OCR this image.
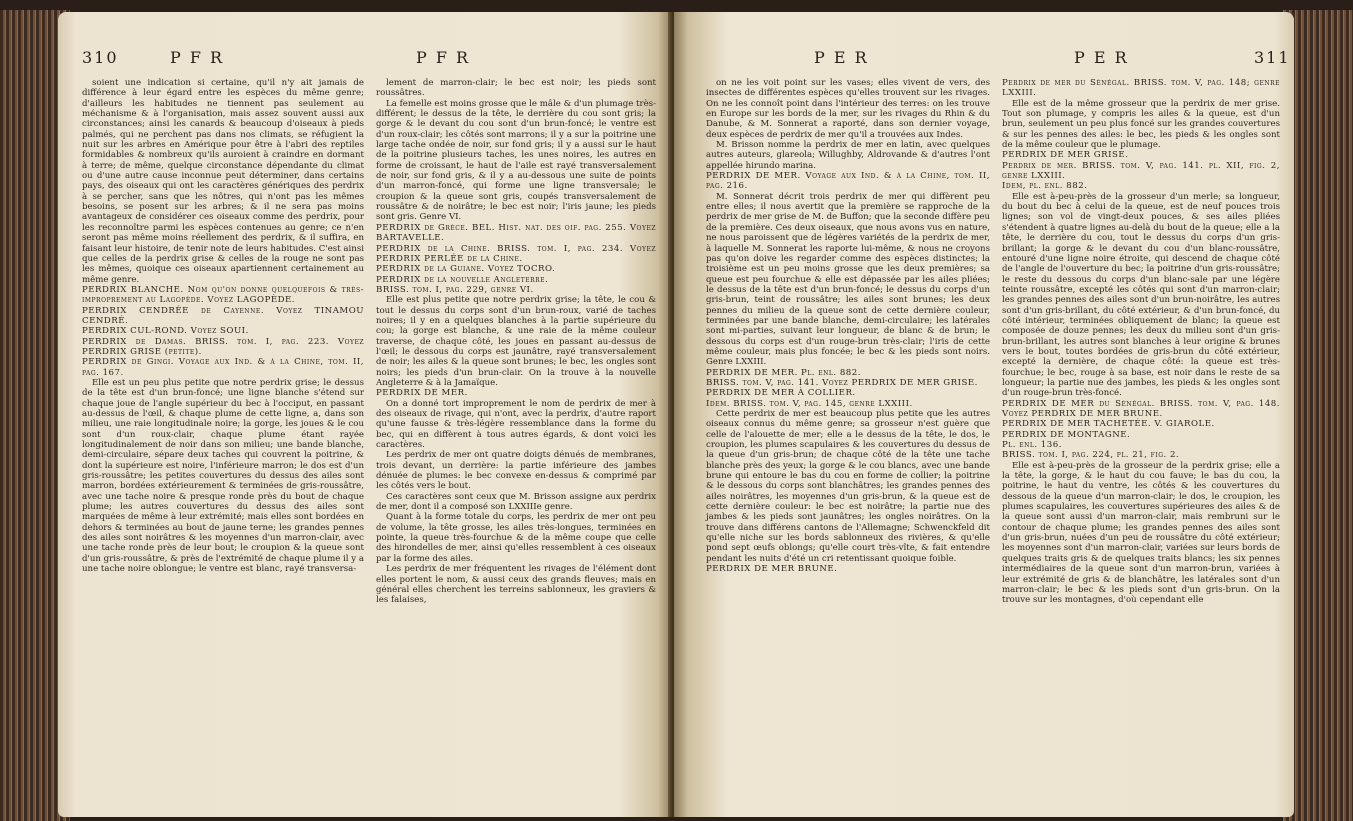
310	P F R	P F R

soient une indication si certaine, qu'il n'y ait jamais de différence à leur égard entre les espèces du même genre; d'ailleurs les habitudes ne tiennent pas seulement au méchanisme & à l'organisation, mais assez souvent aussi aux circonstances; ainsi les canards & beaucoup d'oiseaux à pieds palmés, qui ne perchent pas dans nos climats, se réfugient la nuit sur les arbres en Amérique pour être à l'abri des reptiles formidables & nombreux qu'ils auroient à craindre en dormant à terre; de même, quelque circonstance dépendante du climat ou d'une autre cause inconnue peut déterminer, dans certains pays, des oiseaux qui ont les caractères génériques des perdrix à se percher, sans que les nôtres, qui n'ont pas les mêmes besoins, se posent sur les arbres; & il ne sera pas moins avantageux de considérer ces oiseaux comme des perdrix, pour les reconnoître parmi les espèces contenues au genre; ce n'en seront pas même moins réellement des perdrix, & il suffira, en faisant leur histoire, de tenir note de leurs habitudes. C'est ainsi que celles de la perdrix grise & celles de la rouge ne sont pas les mêmes, quoique ces oiseaux apartiennent certainement au même genre.

PERDRIX BLANCHE. Nom qu'on donne quelquefois & très-improprement au Lagopède. Voyez LAGOPÈDE.

PERDRIX CENDRÉE de Cayenne. Voyez TINAMOU CENDRÉ.

PERDRIX CUL-ROND. Voyez SOUI.

PERDRIX de Damas. BRISS. tom. I, pag. 223. Voyez PERDRIX GRISE (petite).

PERDRIX de Gingi. Voyage aux Ind. & à la Chine, tom. II, pag. 167.

Elle est un peu plus petite que notre perdrix grise; le dessus de la tête est d'un brun-foncé; une ligne blanche s'étend sur chaque joue de l'angle supérieur du bec à l'occiput, en passant au-dessus de l'œil, & chaque plume de cette ligne, a, dans son milieu, une raie longitudinale noire; la gorge, les joues & le cou sont d'un roux-clair, chaque plume étant rayée longitudinalement de noir dans son milieu; une bande blanche, demi-circulaire, sépare deux taches qui couvrent la poitrine, & dont la supérieure est noire, l'inférieure marron; le dos est d'un gris-roussâtre; les petites couvertures du dessus des ailes sont marron, bordées extérieurement & terminées de gris-roussâtre, avec une tache noire & presque ronde près du bout de chaque plume; les autres couvertures du dessus des ailes sont marquées de même à leur extrémité; mais elles sont bordées en dehors & terminées au bout de jaune terne; les grandes pennes des ailes sont noirâtres & les moyennes d'un marron-clair, avec une tache ronde près de leur bout; le croupion & la queue sont d'un gris-roussâtre, & près de l'extrémité de chaque plume il y a une tache noire oblongue; le ventre est blanc, rayé transversa-

lement de marron-clair; le bec est noir; les pieds sont roussâtres.

La femelle est moins grosse que le mâle & d'un plumage très-différent; le dessus de la tête, le derrière du cou sont gris; la gorge & le devant du cou sont d'un brun-foncé; le ventre est d'un roux-clair; les côtés sont marrons; il y a sur la poitrine une large tache ondée de noir, sur fond gris; il y a aussi sur le haut de la poitrine plusieurs taches, les unes noires, les autres en forme de croissant, le haut de l'aile est rayé transversalement de noir, sur fond gris, & il y a au-dessous une suite de points d'un marron-foncé, qui forme une ligne transversale; le croupion & la queue sont gris, coupés transversalement de roussâtre & de noirâtre; le bec est noir; l'iris jaune; les pieds sont gris. Genre VI.

PERDRIX de Grèce. BEL. Hist. nat. des oif. pag. 255. Voyez BARTAVELLE.

PERDRIX de la Chine. BRISS. tom. I, pag. 234. Voyez PERDRIX PERLÉE de la Chine.

PERDRIX de la Guiane. Voyez TOCRO.

PERDRIX de la nouvelle Angleterre.

BRISS. tom. I, pag. 229, genre VI.

Elle est plus petite que notre perdrix grise; la tête, le cou & tout le dessus du corps sont d'un brun-roux, varié de taches noires; il y en a quelques blanches à la partie supérieure du cou; la gorge est blanche, & une raie de la même couleur traverse, de chaque côté, les joues en passant au-dessus de l'œil; le dessous du corps est jaunâtre, rayé transversalement de noir; les ailes & la queue sont brunes; le bec, les ongles sont noirs; les pieds d'un brun-clair. On la trouve à la nouvelle Angleterre & à la Jamaïque.

PERDRIX DE MER.

On a donné tort improprement le nom de perdrix de mer à des oiseaux de rivage, qui n'ont, avec la perdrix, d'autre raport qu'une fausse & très-légère ressemblance dans la forme du bec, qui en diffèrent à tous autres égards, & dont voici les caractères.

Les perdrix de mer ont quatre doigts dénués de membranes, trois devant, un derrière: la partie inférieure des jambes dénuée de plumes: le bec convexe en-dessus & comprimé par les côtés vers le bout.

Ces caractères sont ceux que M. Brisson assigne aux perdrix de mer, dont il a composé son LXXIIIe genre.

Quant à la forme totale du corps, les perdrix de mer ont peu de volume, la tête grosse, les ailes très-longues, terminées en pointe, la queue très-fourchue & de la même coupe que celle des hirondelles de mer, ainsi qu'elles ressemblent à ces oiseaux par la forme des ailes.

Les perdrix de mer fréquentent les rivages de l'élément dont elles portent le nom, & aussi ceux des grands fleuves; mais en général elles cherchent les terreins sablonneux, les graviers & les falaises,

P E R	P E R	311

on ne les voit point sur les vases; elles vivent de vers, des insectes de différentes espèces qu'elles trouvent sur les rivages. On ne les connoît point dans l'intérieur des terres: on les trouve en Europe sur les bords de la mer, sur les rivages du Rhin & du Danube, & M. Sonnerat a raporté, dans son dernier voyage, deux espèces de perdrix de mer qu'il a trouvées aux Indes.

M. Brisson nomme la perdrix de mer en latin, avec quelques autres auteurs, glareola; Willughby, Aldrovande & d'autres l'ont appellée hirundo marina.

PERDRIX DE MER. Voyage aux Ind. & à la Chine, tom. II, pag. 216.

M. Sonnerat décrit trois perdrix de mer qui diffèrent peu entre elles; il nous avertit que la première se rapproche de la perdrix de mer grise de M. de Buffon; que la seconde diffère peu de la première. Ces deux oiseaux, que nous avons vus en nature, ne nous paroissent que de légères variétés de la perdrix de mer, à laquelle M. Sonnerat les raporte lui-même, & nous ne croyons pas qu'on doive les regarder comme des espèces distinctes; la troisième est un peu moins grosse que les deux premières; sa queue est peu fourchue & elle est dépassée par les ailes pliées; le dessus de la tête est d'un brun-foncé; le dessus du corps d'un gris-brun, teint de roussâtre; les ailes sont brunes; les deux pennes du milieu de la queue sont de cette dernière couleur, terminées par une bande blanche, demi-circulaire; les latérales sont mi-parties, suivant leur longueur, de blanc & de brun; le dessous du corps est d'un rouge-brun très-clair; l'iris de cette même couleur, mais plus foncée; le bec & les pieds sont noirs. Genre LXXIII.

PERDRIX DE MER. Pl. enl. 882.

BRISS. tom. V, pag. 141. Voyez PERDRIX DE MER GRISE.

PERDRIX DE MER À COLLIER.

Idem. BRISS. tom. V, pag. 145, genre LXXIII.

Cette perdrix de mer est beaucoup plus petite que les autres oiseaux connus du même genre; sa grosseur n'est guère que celle de l'alouette de mer; elle a le dessus de la tête, le dos, le croupion, les plumes scapulaires & les couvertures du dessus de la queue d'un gris-brun; de chaque côté de la tête une tache blanche près des yeux; la gorge & le cou blancs, avec une bande brune qui entoure le bas du cou en forme de collier; la poitrine & le dessous du corps sont blanchâtres; les grandes pennes des ailes noirâtres, les moyennes d'un gris-brun, & la queue est de cette dernière couleur: le bec est noirâtre; la partie nue des jambes & les pieds sont jaunâtres; les ongles noirâtres. On la trouve dans différens cantons de l'Allemagne; Schwenckfeld dit qu'elle niche sur les bords sablonneux des rivières, & qu'elle pond sept œufs oblongs; qu'elle court très-vîte, & fait entendre pendant les nuits d'été un cri retentissant quoique foible.

PERDRIX DE MER BRUNE.

Perdrix de mer du Sénégal. BRISS. tom. V, pag. 148; genre LXXIII.

Elle est de la même grosseur que la perdrix de mer grise. Tout son plumage, y compris les ailes & la queue, est d'un brun, seulement un peu plus foncé sur les grandes couvertures & sur les pennes des ailes: le bec, les pieds & les ongles sont de la même couleur que le plumage.

PERDRIX DE MER GRISE.

Perdrix de mer. BRISS. tom. V, pag. 141. pl. XII, fig. 2, genre LXXIII.

Idem, pl. enl. 882.

Elle est à-peu-près de la grosseur d'un merle; sa longueur, du bout du bec à celui de la queue, est de neuf pouces trois lignes; son vol de vingt-deux pouces, & ses ailes pliées s'étendent à quatre lignes au-delà du bout de la queue; elle a la tête, le derrière du cou, tout le dessus du corps d'un gris-brillant; la gorge & le devant du cou d'un blanc-roussâtre, entouré d'une ligne noire étroite, qui descend de chaque côté de l'angle de l'ouverture du bec; la poitrine d'un gris-roussâtre; le reste du dessous du corps d'un blanc-sale par une légère teinte roussâtre, excepté les côtés qui sont d'un marron-clair; les grandes pennes des ailes sont d'un brun-noirâtre, les autres sont d'un gris-brillant, du côté extérieur, & d'un brun-foncé, du côté intérieur, terminées obliquement de blanc; la queue est composée de douze pennes; les deux du milieu sont d'un gris-brun-brillant, les autres sont blanches à leur origine & brunes vers le bout, toutes bordées de gris-brun du côté extérieur, excepté la dernière, de chaque côté: la queue est très-fourchue; le bec, rouge à sa base, est noir dans le reste de sa longueur; la partie nue des jambes, les pieds & les ongles sont d'un rouge-brun très-foncé.

PERDRIX DE MER du Sénégal. BRISS. tom. V, pag. 148. Voyez PERDRIX DE MER BRUNE.

PERDRIX DE MER TACHETÉE. V. GIAROLE.

PERDRIX DE MONTAGNE.

Pl. enl. 136.

BRISS. tom. I, pag. 224, pl. 21, fig. 2.

Elle est à-peu-près de la grosseur de la perdrix grise; elle a la tête, la gorge, & le haut du cou fauve; le bas du cou, la poitrine, le haut du ventre, les côtés & les couvertures du dessous de la queue d'un marron-clair; le dos, le croupion, les plumes scapulaires, les couvertures supérieures des ailes & de la queue sont aussi d'un marron-clair, mais rembruni sur le contour de chaque plume; les grandes pennes des ailes sont d'un gris-brun, nuées d'un peu de roussâtre du côté extérieur; les moyennes sont d'un marron-clair, variées sur leurs bords de quelques traits gris & de quelques traits blancs; les six pennes intermédiaires de la queue sont d'un marron-brun, variées à leur extrémité de gris & de blanchâtre, les latérales sont d'un marron-clair; le bec & les pieds sont d'un gris-brun. On la trouve sur les montagnes, d'où cependant elle
